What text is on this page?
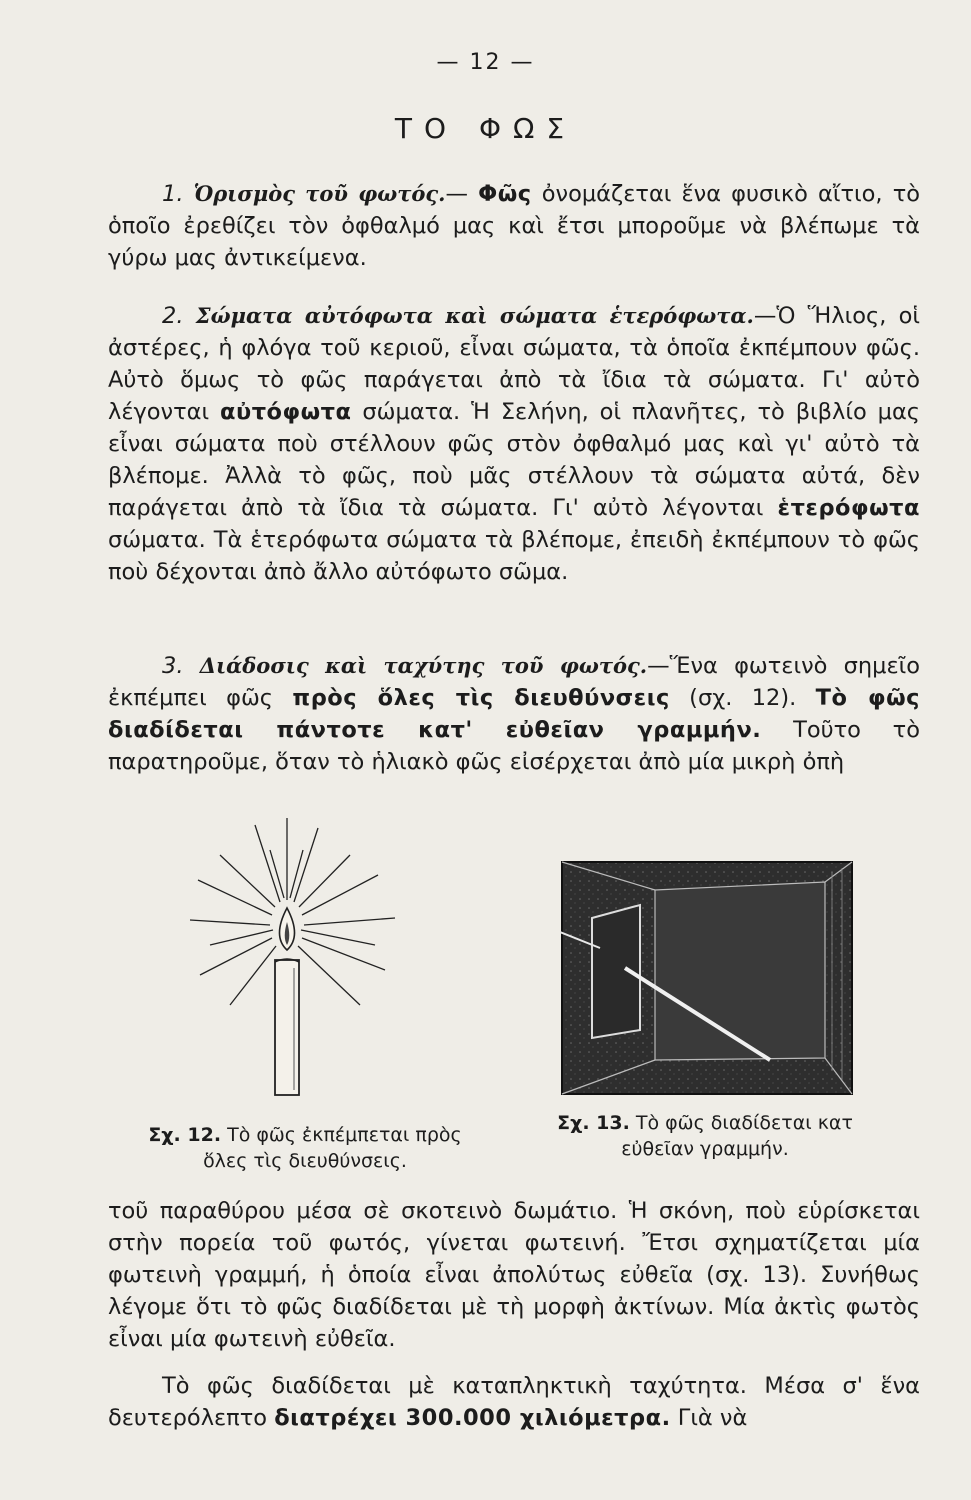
— 12 —
ΤΟ ΦΩΣ

1. Ὁρισμὸς τοῦ φωτός.— Φῶς ὀνομάζεται ἕνα φυσικὸ αἴτιο, τὸ ὁποῖο ἐρεθίζει τὸν ὀφθαλμό μας καὶ ἔτσι μποροῦμε νὰ βλέπωμε τὰ γύρω μας ἀντικείμενα.

2. Σώματα αὐτόφωτα καὶ σώματα ἑτερόφωτα.—Ὁ Ἥλιος, οἱ ἀστέρες, ἡ φλόγα τοῦ κεριοῦ, εἶναι σώματα, τὰ ὁποῖα ἐκπέμπουν φῶς. Αὐτὸ ὅμως τὸ φῶς παράγεται ἀπὸ τὰ ἴδια τὰ σώματα. Γι' αὐτὸ λέγονται αὐτόφωτα σώματα. Ἡ Σελήνη, οἱ πλανῆτες, τὸ βιβλίο μας εἶναι σώματα ποὺ στέλλουν φῶς στὸν ὀφθαλμό μας καὶ γι' αὐτὸ τὰ βλέπομε. Ἀλλὰ τὸ φῶς, ποὺ μᾶς στέλλουν τὰ σώματα αὐτά, δὲν παράγεται ἀπὸ τὰ ἴδια τὰ σώματα. Γι' αὐτὸ λέγονται ἑτερόφωτα σώματα. Τὰ ἑτερόφωτα σώματα τὰ βλέπομε, ἐπειδὴ ἐκπέμπουν τὸ φῶς ποὺ δέχονται ἀπὸ ἄλλο αὐτόφωτο σῶμα.

3. Διάδοσις καὶ ταχύτης τοῦ φωτός.—Ἕνα φωτεινὸ σημεῖο ἐκπέμπει φῶς πρὸς ὅλες τὶς διευθύνσεις (σχ. 12). Τὸ φῶς διαδίδεται πάντοτε κατ' εὐθεῖαν γραμμήν. Τοῦτο τὸ παρατηροῦμε, ὅταν τὸ ἡλιακὸ φῶς εἰσέρχεται ἀπὸ μία μικρὴ ὀπὴ

Σχ. 12. Τὸ φῶς ἐκπέμπεται πρὸς ὅλες τὶς διευθύνσεις.
Σχ. 13. Τὸ φῶς διαδίδεται κατ εὐθεῖαν γραμμήν.

τοῦ παραθύρου μέσα σὲ σκοτεινὸ δωμάτιο. Ἡ σκόνη, ποὺ εὑρίσκεται στὴν πορεία τοῦ φωτός, γίνεται φωτεινή. Ἔτσι σχηματίζεται μία φωτεινὴ γραμμή, ἡ ὁποία εἶναι ἀπολύτως εὐθεῖα (σχ. 13). Συνήθως λέγομε ὅτι τὸ φῶς διαδίδεται μὲ τὴ μορφὴ ἀκτίνων. Μία ἀκτὶς φωτὸς εἶναι μία φωτεινὴ εὐθεῖα.

Τὸ φῶς διαδίδεται μὲ καταπληκτικὴ ταχύτητα. Μέσα σ' ἕνα δευτερόλεπτο διατρέχει 300.000 χιλιόμετρα. Γιὰ νὰ
